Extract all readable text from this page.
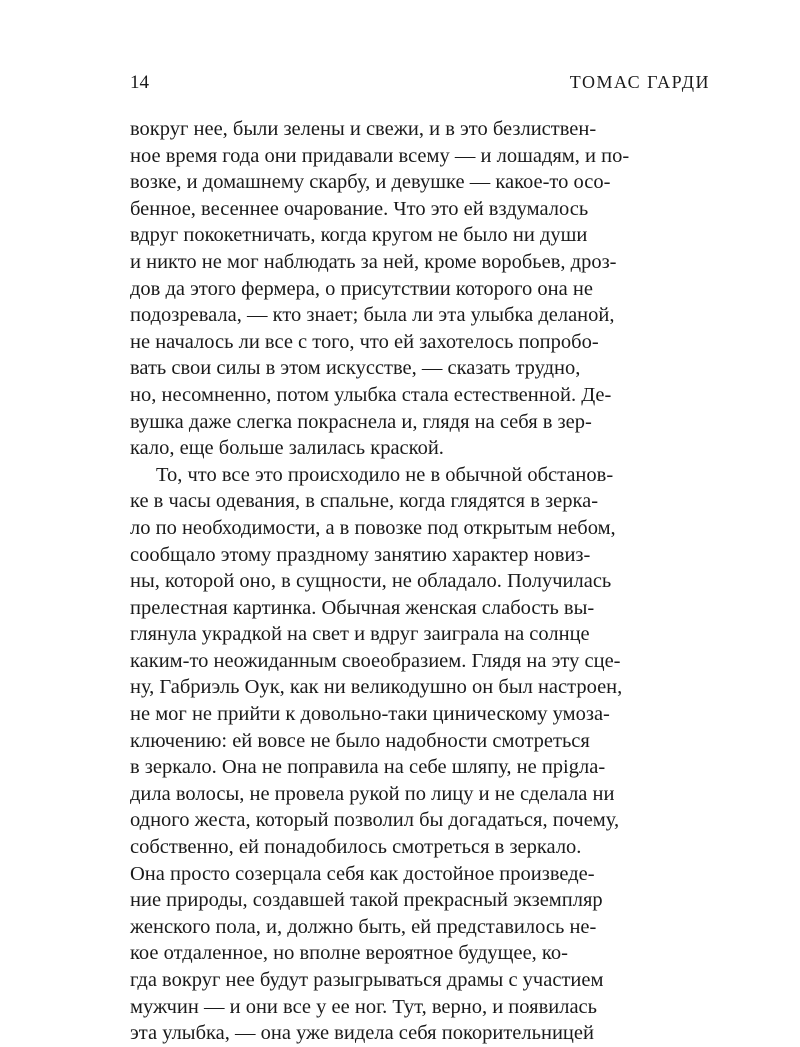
14	ТОМАС ГАРДИ
вокруг нее, были зелены и свежи, и в это безлиствен-
ное время года они придавали всему — и лошадям, и по-
возке, и домашнему скарбу, и девушке — какое-то осо-
бенное, весеннее очарование. Что это ей вздумалось
вдруг пококетничать, когда кругом не было ни души
и никто не мог наблюдать за ней, кроме воробьев, дроз-
дов да этого фермера, о присутствии которого она не
подозревала, — кто знает; была ли эта улыбка деланой,
не началось ли все с того, что ей захотелось попробо-
вать свои силы в этом искусстве, — сказать трудно,
но, несомненно, потом улыбка стала естественной. Де-
вушка даже слегка покраснела и, глядя на себя в зер-
кало, еще больше залилась краской.
То, что все это происходило не в обычной обстанов-
ке в часы одевания, в спальне, когда глядятся в зерка-
ло по необходимости, а в повозке под открытым небом,
сообщало этому праздному занятию характер новиз-
ны, которой оно, в сущности, не обладало. Получилась
прелестная картинка. Обычная женская слабость вы-
глянула украдкой на свет и вдруг заиграла на солнце
каким-то неожиданным своеобразием. Глядя на эту сце-
ну, Габриэль Оук, как ни великодушно он был настроен,
не мог не прийти к довольно-таки циническому умоза-
ключению: ей вовсе не было надобности смотреться
в зеркало. Она не поправила на себе шляпу, не прigла-
дила волосы, не провела рукой по лицу и не сделала ни
одного жеста, который позволил бы догадаться, почему,
собственно, ей понадобилось смотреться в зеркало.
Она просто созерцала себя как достойное произведе-
ние природы, создавшей такой прекрасный экземпляр
женского пола, и, должно быть, ей представилось не-
кое отдаленное, но вполне вероятное будущее, ко-
гда вокруг нее будут разыгрываться драмы с участием
мужчин — и они все у ее ног. Тут, верно, и появилась
эта улыбка, — она уже видела себя покорительницей
